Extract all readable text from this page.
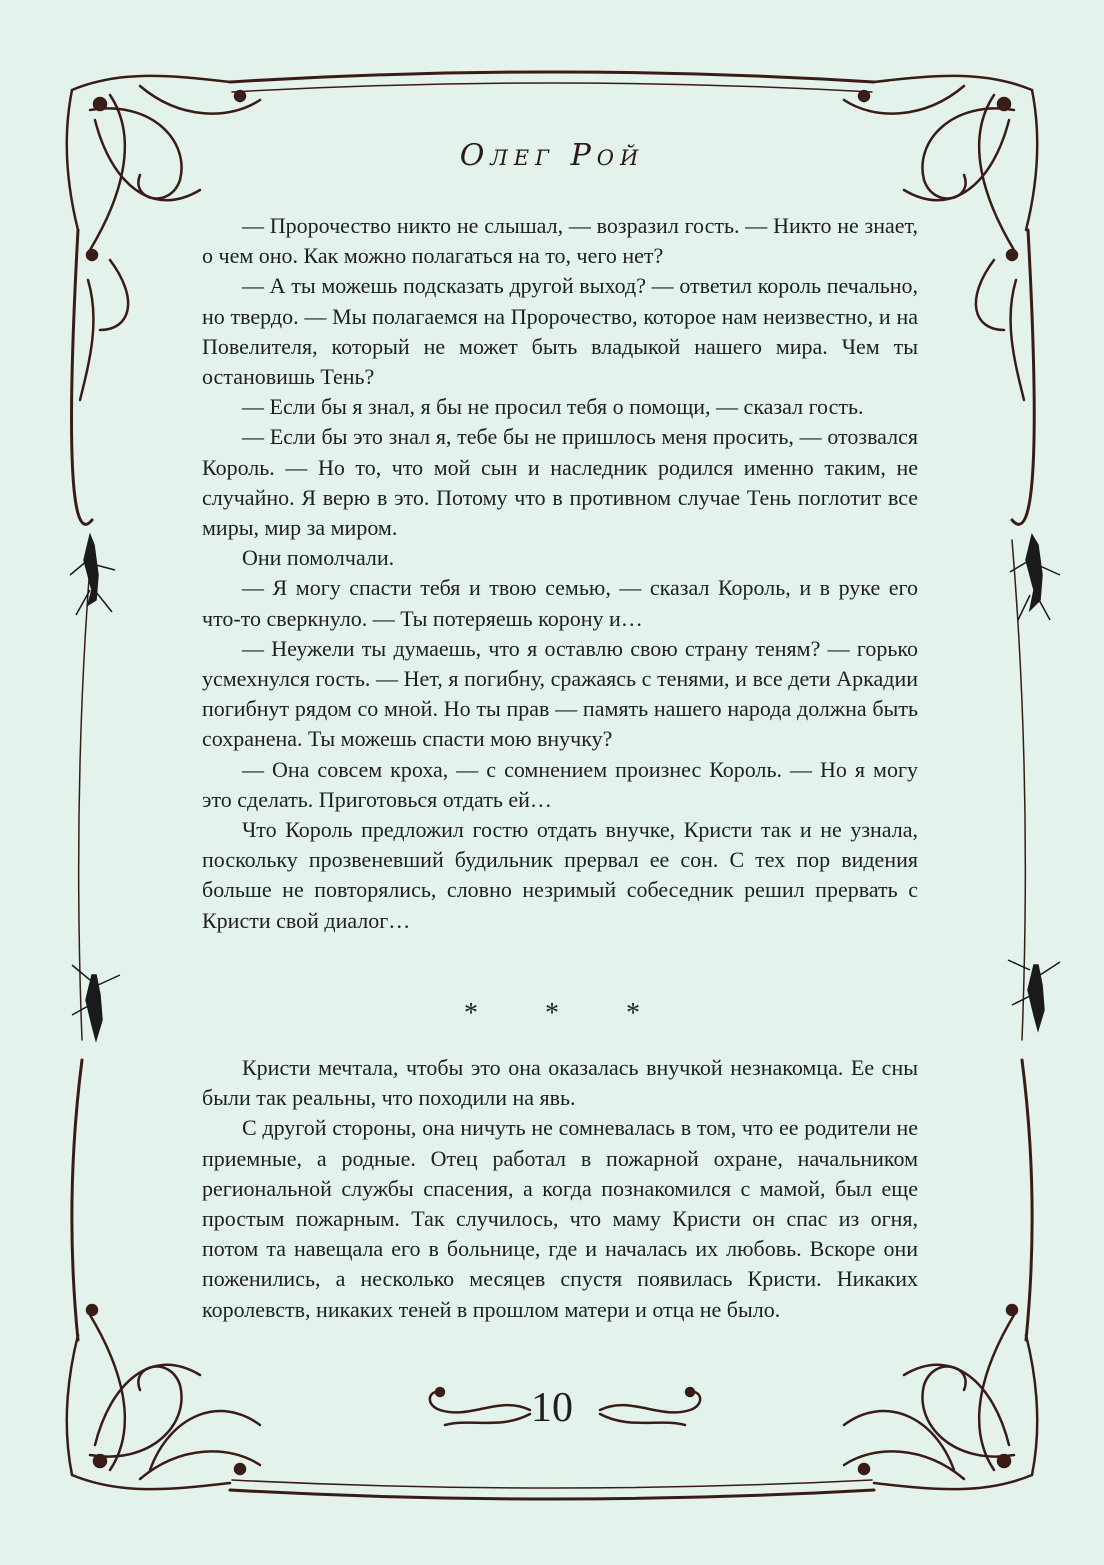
Олег Рой

— Пророчество никто не слышал, — возразил гость. — Никто не знает, о чем оно. Как можно полагаться на то, чего нет?

— А ты можешь подсказать другой выход? — ответил король печально, но твердо. — Мы полагаемся на Пророчество, которое нам неизвестно, и на Повелителя, который не может быть владыкой нашего мира. Чем ты остановишь Тень?

— Если бы я знал, я бы не просил тебя о помощи, — сказал гость.

— Если бы это знал я, тебе бы не пришлось меня просить, — отозвался Король. — Но то, что мой сын и наследник родился именно таким, не случайно. Я верю в это. Потому что в противном случае Тень поглотит все миры, мир за миром.

Они помолчали.

— Я могу спасти тебя и твою семью, — сказал Король, и в руке его что-то сверкнуло. — Ты потеряешь корону и…

— Неужели ты думаешь, что я оставлю свою страну теням? — горько усмехнулся гость. — Нет, я погибну, сражаясь с тенями, и все дети Аркадии погибнут рядом со мной. Но ты прав — память нашего народа должна быть сохранена. Ты можешь спасти мою внучку?

— Она совсем кроха, — с сомнением произнес Король. — Но я могу это сделать. Приготовься отдать ей…

Что Король предложил гостю отдать внучке, Кристи так и не узнала, поскольку прозвеневший будильник прервал ее сон. С тех пор видения больше не повторялись, словно незримый собеседник решил прервать с Кристи свой диалог…

* * *

Кристи мечтала, чтобы это она оказалась внучкой незнакомца. Ее сны были так реальны, что походили на явь.

С другой стороны, она ничуть не сомневалась в том, что ее родители не приемные, а родные. Отец работал в пожарной охране, начальником региональной службы спасения, а когда познакомился с мамой, был еще простым пожарным. Так случилось, что маму Кристи он спас из огня, потом та навещала его в больнице, где и началась их любовь. Вскоре они поженились, а несколько месяцев спустя появилась Кристи. Никаких королевств, никаких теней в прошлом матери и отца не было.

10
